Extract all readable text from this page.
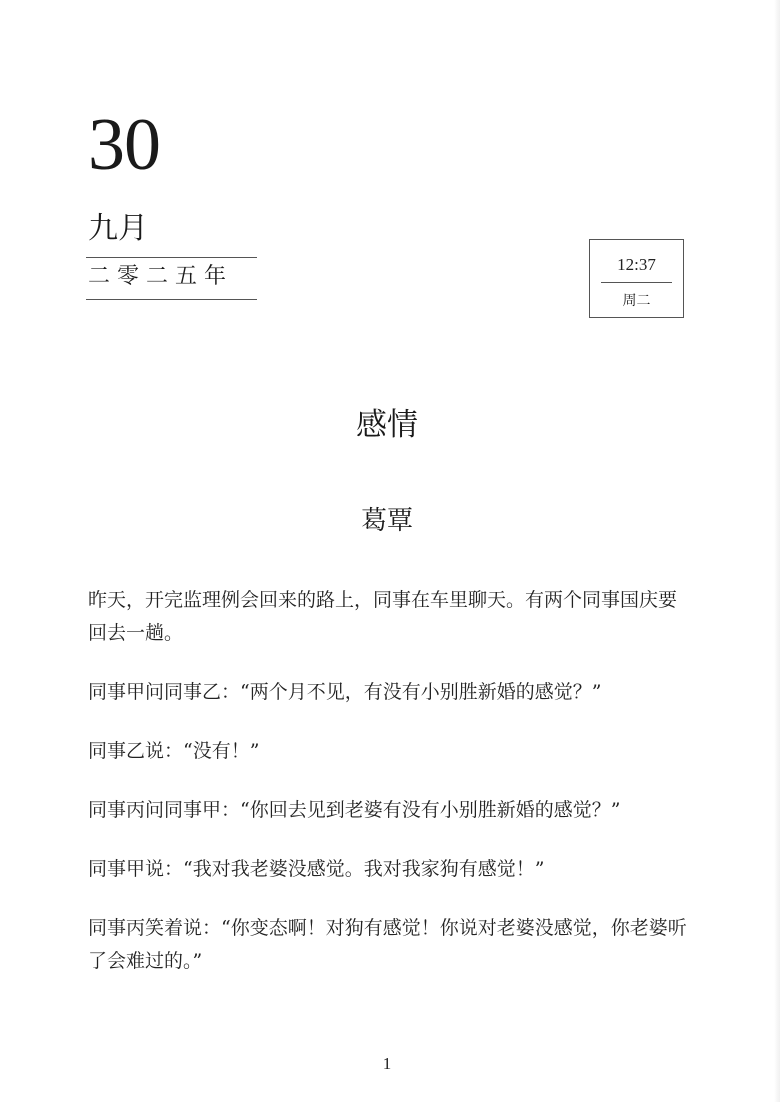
30
九月
二零二五年	12:37
周二
感情
葛覃

昨天，开完监理例会回来的路上，同事在车里聊天。有两个同事国庆要回去一趟。

同事甲问同事乙：“两个月不见，有没有小别胜新婚的感觉？”

同事乙说：“没有！”

同事丙问同事甲：“你回去见到老婆有没有小别胜新婚的感觉？”

同事甲说：“我对我老婆没感觉。我对我家狗有感觉！”

同事丙笑着说：“你变态啊！对狗有感觉！你说对老婆没感觉，你老婆听了会难过的。”

1
